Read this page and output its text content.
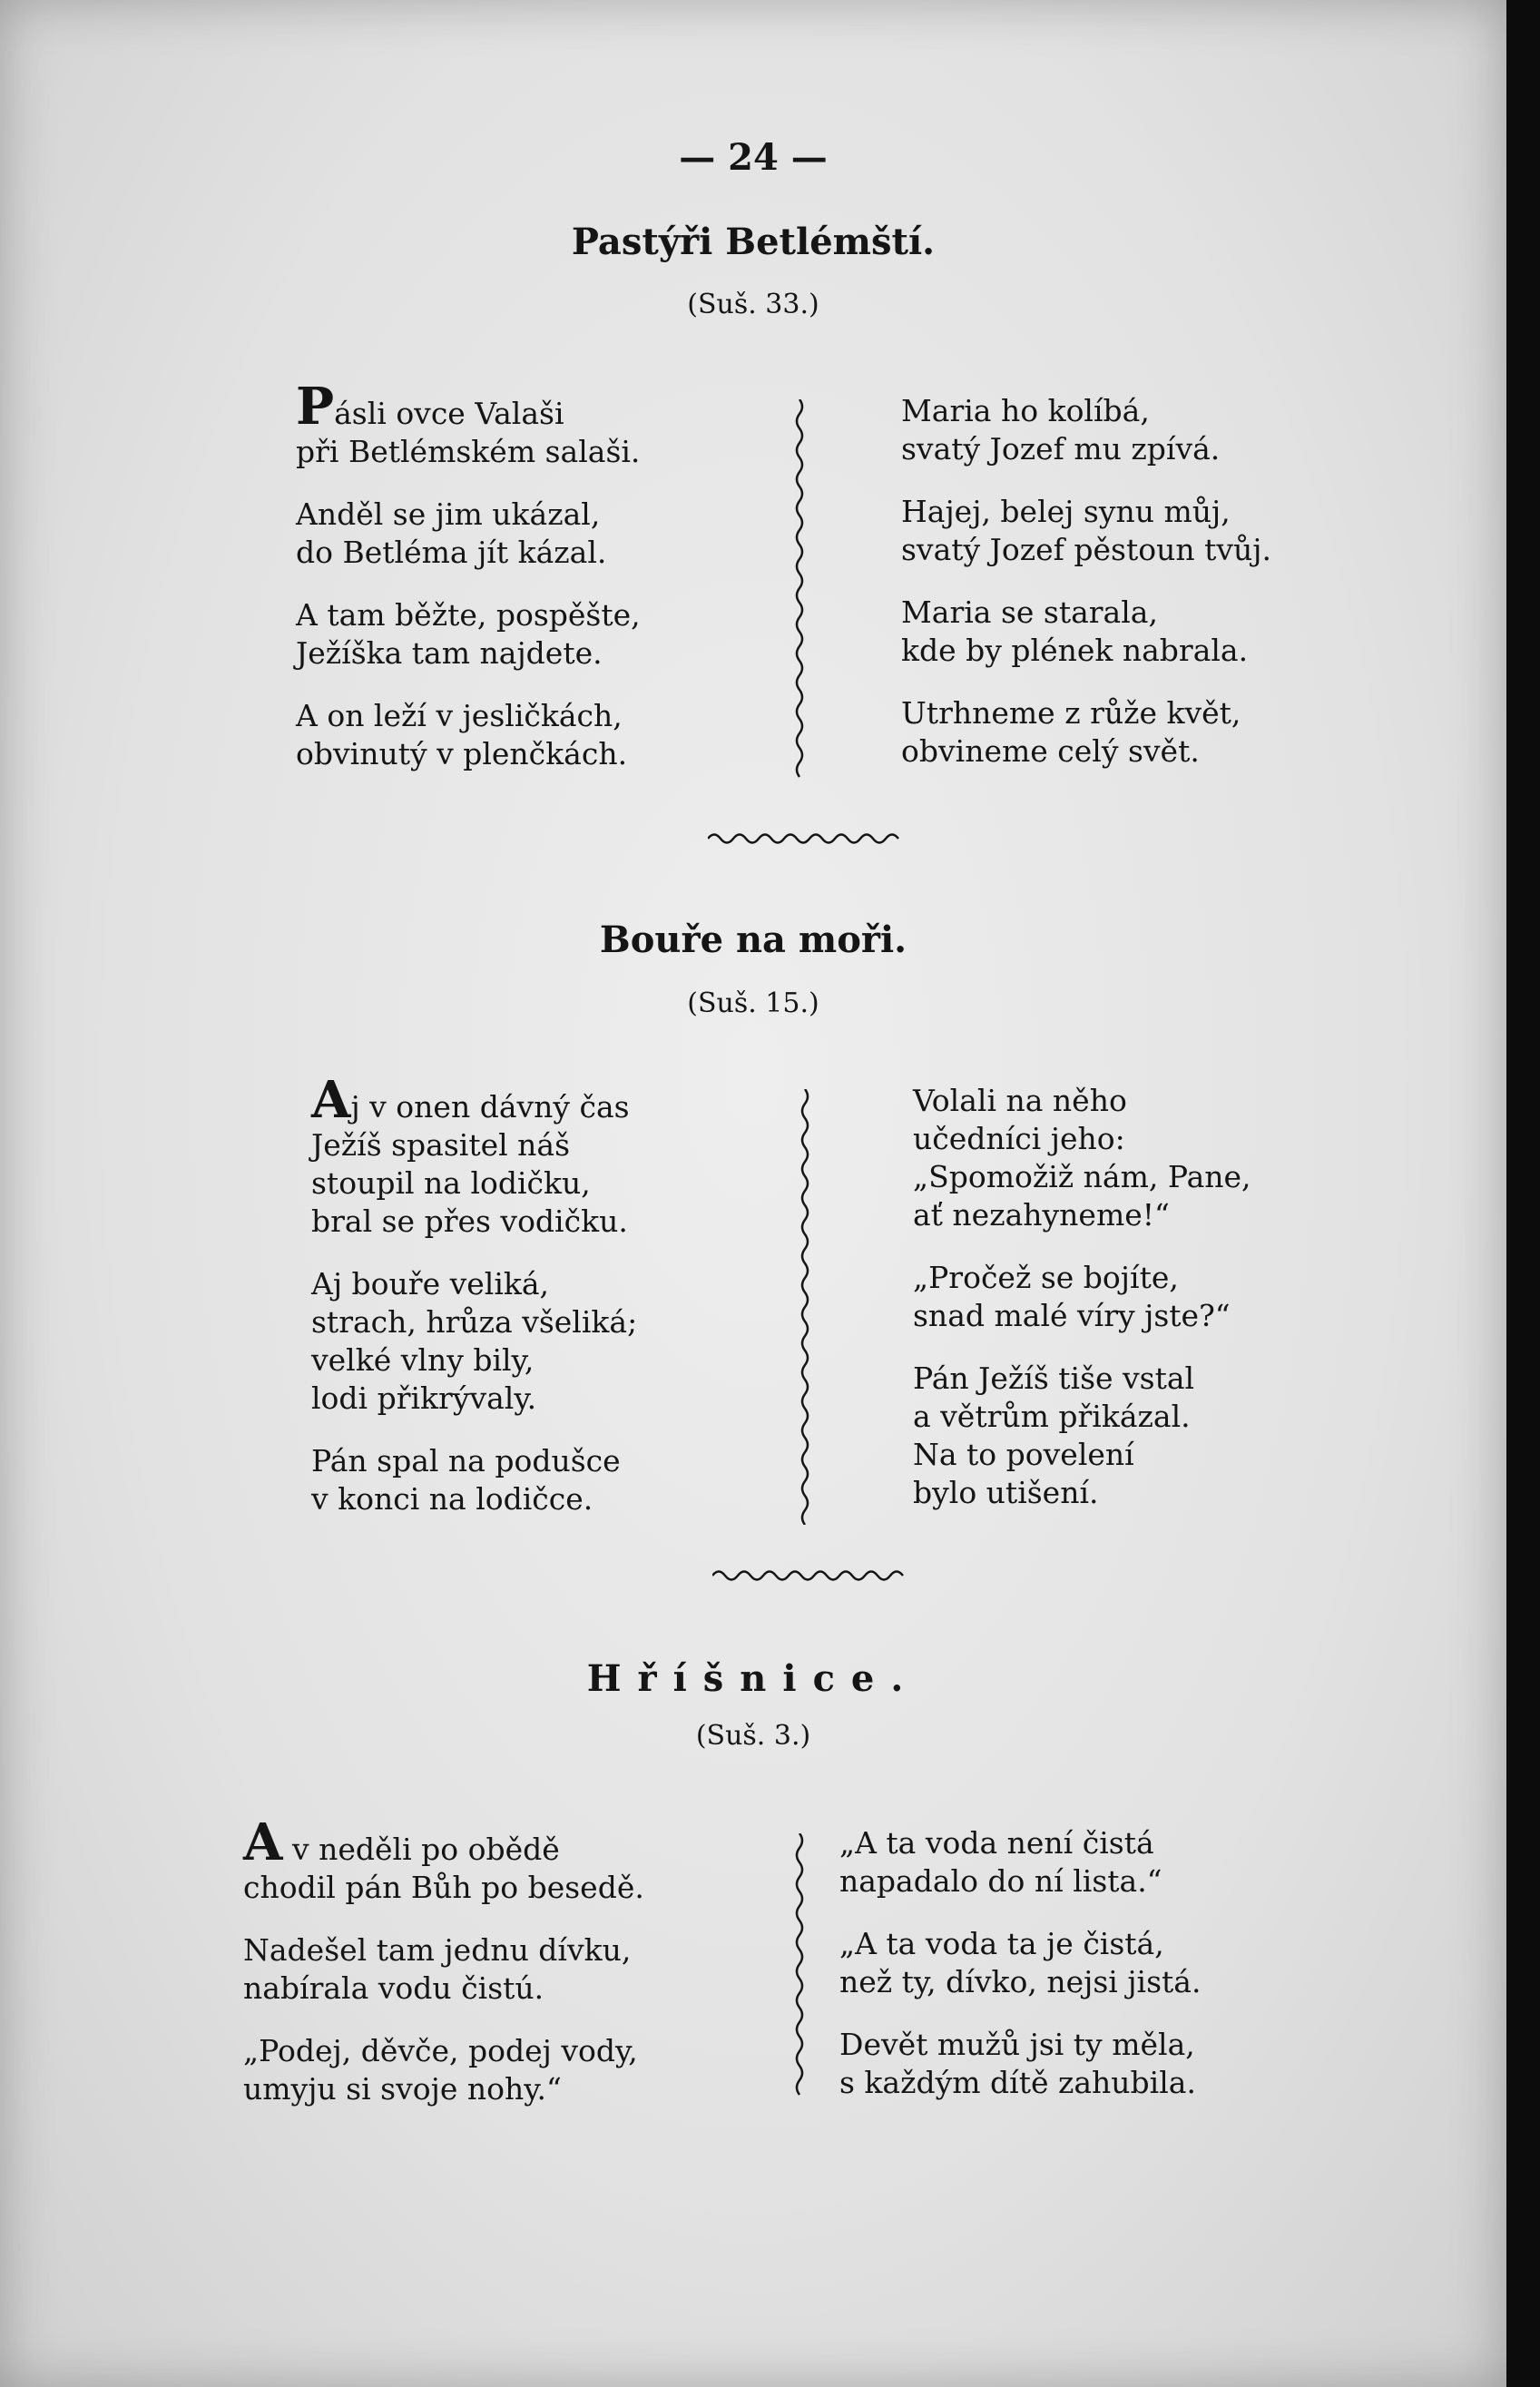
— 24 —
Pastýři Betlémští.
(Suš. 33.)
Pásli ovce Valaši
při Betlémském salaši.
Anděl se jim ukázal,
do Betléma jít kázal.
A tam běžte, pospěšte,
Ježíška tam najdete.
A on leží v jesličkách,
obvinutý v plenčkách.
Maria ho kolíbá,
svatý Jozef mu zpívá.
Hajej, belej synu můj,
svatý Jozef pěstoun tvůj.
Maria se starala,
kde by plének nabrala.
Utrhneme z růže květ,
obvineme celý svět.
Bouře na moři.
(Suš. 15.)
Aj v onen dávný čas
Ježíš spasitel náš
stoupil na lodičku,
bral se přes vodičku.
Aj bouře veliká,
strach, hrůza všeliká;
velké vlny bily,
lodi přikrývaly.
Pán spal na podušce
v konci na lodičce.
Volali na něho
učedníci jeho:
„Spomožiž nám, Pane,
ať nezahyneme!“
„Pročež se bojíte,
snad malé víry jste?“
Pán Ježíš tiše vstal
a větrům přikázal.
Na to povelení
bylo utišení.
Hříšnice.
(Suš. 3.)
A v neděli po obědě
chodil pán Bůh po besedě.
Nadešel tam jednu dívku,
nabírala vodu čistú.
„Podej, děvče, podej vody,
umyju si svoje nohy.“
„A ta voda není čistá
napadalo do ní lista.“
„A ta voda ta je čistá,
než ty, dívko, nejsi jistá.
Devět mužů jsi ty měla,
s každým dítě zahubila.
